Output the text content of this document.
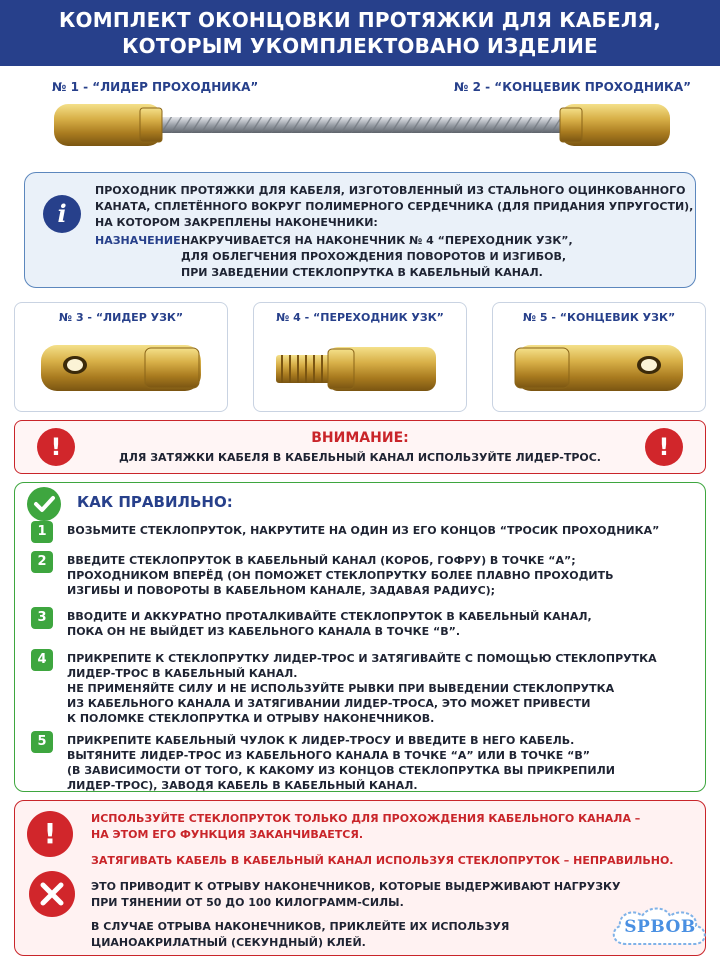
КОМПЛЕКТ ОКОНЦОВКИ ПРОТЯЖКИ ДЛЯ КАБЕЛЯ,
КОТОРЫМ УКОМПЛЕКТОВАНО ИЗДЕЛИЕ
№ 1 - “ЛИДЕР ПРОХОДНИКА”	№ 2 - “КОНЦЕВИК ПРОХОДНИКА”
i
ПРОХОДНИК ПРОТЯЖКИ ДЛЯ КАБЕЛЯ, ИЗГОТОВЛЕННЫЙ ИЗ СТАЛЬНОГО ОЦИНКОВАННОГО
КАНАТА, СПЛЕТЁННОГО ВОКРУГ ПОЛИМЕРНОГО СЕРДЕЧНИКА (ДЛЯ ПРИДАНИЯ УПРУГОСТИ),
НА КОТОРОМ ЗАКРЕПЛЕНЫ НАКОНЕЧНИКИ:
НАЗНАЧЕНИЕ:
НАКРУЧИВАЕТСЯ НА НАКОНЕЧНИК № 4 “ПЕРЕХОДНИК УЗК”,
ДЛЯ ОБЛЕГЧЕНИЯ ПРОХОЖДЕНИЯ ПОВОРОТОВ И ИЗГИБОВ,
ПРИ ЗАВЕДЕНИИ СТЕКЛОПРУТКА В КАБЕЛЬНЫЙ КАНАЛ.
№ 3 - “ЛИДЕР УЗК”	№ 4 - “ПЕРЕХОДНИК УЗК”	№ 5 - “КОНЦЕВИК УЗК”
!	ВНИМАНИЕ:
ДЛЯ ЗАТЯЖКИ КАБЕЛЯ В КАБЕЛЬНЫЙ КАНАЛ ИСПОЛЬЗУЙТЕ ЛИДЕР-ТРОС.	!
КАК ПРАВИЛЬНО:
1	ВОЗЬМИТЕ СТЕКЛОПРУТОК, НАКРУТИТЕ НА ОДИН ИЗ ЕГО КОНЦОВ “ТРОСИК ПРОХОДНИКА”
2	ВВЕДИТЕ СТЕКЛОПРУТОК В КАБЕЛЬНЫЙ КАНАЛ (КОРОБ, ГОФРУ) В ТОЧКЕ “А”;
ПРОХОДНИКОМ ВПЕРЁД (ОН ПОМОЖЕТ СТЕКЛОПРУТКУ БОЛЕЕ ПЛАВНО ПРОХОДИТЬ
ИЗГИБЫ И ПОВОРОТЫ В КАБЕЛЬНОМ КАНАЛЕ, ЗАДАВАЯ РАДИУС);
3	ВВОДИТЕ И АККУРАТНО ПРОТАЛКИВАЙТЕ СТЕКЛОПРУТОК В КАБЕЛЬНЫЙ КАНАЛ,
ПОКА ОН НЕ ВЫЙДЕТ ИЗ КАБЕЛЬНОГО КАНАЛА В ТОЧКЕ “В”.
4	ПРИКРЕПИТЕ К СТЕКЛОПРУТКУ ЛИДЕР-ТРОС И ЗАТЯГИВАЙТЕ С ПОМОЩЬЮ СТЕКЛОПРУТКА
ЛИДЕР-ТРОС В КАБЕЛЬНЫЙ КАНАЛ.
НЕ ПРИМЕНЯЙТЕ СИЛУ И НЕ ИСПОЛЬЗУЙТЕ РЫВКИ ПРИ ВЫВЕДЕНИИ СТЕКЛОПРУТКА
ИЗ КАБЕЛЬНОГО КАНАЛА И ЗАТЯГИВАНИИ ЛИДЕР-ТРОСА, ЭТО МОЖЕТ ПРИВЕСТИ
К ПОЛОМКЕ СТЕКЛОПРУТКА И ОТРЫВУ НАКОНЕЧНИКОВ.
5	ПРИКРЕПИТЕ КАБЕЛЬНЫЙ ЧУЛОК К ЛИДЕР-ТРОСУ И ВВЕДИТЕ В НЕГО КАБЕЛЬ.
ВЫТЯНИТЕ ЛИДЕР-ТРОС ИЗ КАБЕЛЬНОГО КАНАЛА В ТОЧКЕ “А” ИЛИ В ТОЧКЕ “В”
(В ЗАВИСИМОСТИ ОТ ТОГО, К КАКОМУ ИЗ КОНЦОВ СТЕКЛОПРУТКА ВЫ ПРИКРЕПИЛИ
ЛИДЕР-ТРОС), ЗАВОДЯ КАБЕЛЬ В КАБЕЛЬНЫЙ КАНАЛ.
!	ИСПОЛЬЗУЙТЕ СТЕКЛОПРУТОК ТОЛЬКО ДЛЯ ПРОХОЖДЕНИЯ КАБЕЛЬНОГО КАНАЛА –
НА ЭТОМ ЕГО ФУНКЦИЯ ЗАКАНЧИВАЕТСЯ.
ЗАТЯГИВАТЬ КАБЕЛЬ В КАБЕЛЬНЫЙ КАНАЛ ИСПОЛЬЗУЯ СТЕКЛОПРУТОК – НЕПРАВИЛЬНО.
ЭТО ПРИВОДИТ К ОТРЫВУ НАКОНЕЧНИКОВ, КОТОРЫЕ ВЫДЕРЖИВАЮТ НАГРУЗКУ
ПРИ ТЯНЕНИИ ОТ 50 ДО 100 КИЛОГРАММ-СИЛЫ.
В СЛУЧАЕ ОТРЫВА НАКОНЕЧНИКОВ, ПРИКЛЕЙТЕ ИХ ИСПОЛЬЗУЯ
ЦИАНОАКРИЛАТНЫЙ (СЕКУНДНЫЙ) КЛЕЙ.
SPBOB
